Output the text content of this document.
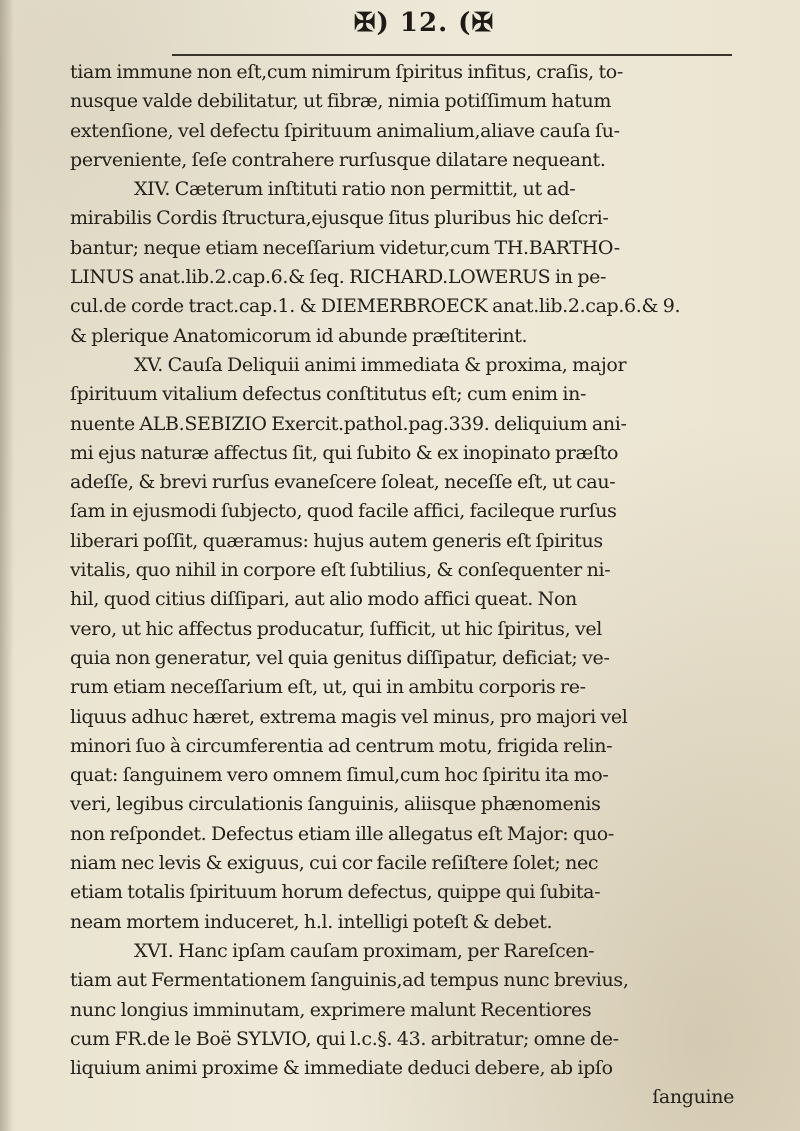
✠) 12. (✠
tiam immune non eſt,cum nimirum ſpiritus infitus, craſis, to-
nusque valde debilitatur, ut fibræ, nimia potiſſimum hatum
extenſione, vel defectu ſpirituum animalium,aliave cauſa ſu-
perveniente, ſeſe contrahere rurſusque dilatare nequeant.
XIV. Cæterum inſtituti ratio non permittit, ut ad-
mirabilis Cordis ſtructura,ejusque ſitus pluribus hic deſcri-
bantur; neque etiam neceſſarium videtur,cum TH.BARTHO-
LINUS anat.lib.2.cap.6.& ſeq. RICHARD.LOWERUS in pe-
cul.de corde tract.cap.1. & DIEMERBROECK anat.lib.2.cap.6.& 9.
& plerique Anatomicorum id abunde præſtiterint.
XV. Cauſa Deliquii animi immediata & proxima, major
ſpirituum vitalium defectus conſtitutus eſt; cum enim in-
nuente ALB.SEBIZIO Exercit.pathol.pag.339. deliquium ani-
mi ejus naturæ affectus ſit, qui ſubito & ex inopinato præſto
adeſſe, & brevi rurſus evaneſcere ſoleat, neceſſe eſt, ut cau-
ſam in ejusmodi ſubjecto, quod facile affici, facileque rurſus
liberari poſſit, quæramus: hujus autem generis eſt ſpiritus
vitalis, quo nihil in corpore eſt ſubtilius, & conſequenter ni-
hil, quod citius diſſipari, aut alio modo affici queat. Non
vero, ut hic affectus producatur, ſufficit, ut hic ſpiritus, vel
quia non generatur, vel quia genitus diſſipatur, deficiat; ve-
rum etiam neceſſarium eſt, ut, qui in ambitu corporis re-
liquus adhuc hæret, extrema magis vel minus, pro majori vel
minori ſuo à circumferentia ad centrum motu, frigida relin-
quat: ſanguinem vero omnem ſimul,cum hoc ſpiritu ita mo-
veri, legibus circulationis ſanguinis, aliisque phænomenis
non reſpondet. Defectus etiam ille allegatus eſt Major: quo-
niam nec levis & exiguus, cui cor facile reſiſtere ſolet; nec
etiam totalis ſpirituum horum defectus, quippe qui ſubita-
neam mortem induceret, h.l. intelligi poteſt & debet.
XVI. Hanc ipſam cauſam proximam, per Rareſcen-
tiam aut Fermentationem ſanguinis,ad tempus nunc brevius,
nunc longius imminutam, exprimere malunt Recentiores
cum FR.de le Boë SYLVIO, qui l.c.§. 43. arbitratur; omne de-
liquium animi proxime & immediate deduci debere, ab ipſo
ſanguine
